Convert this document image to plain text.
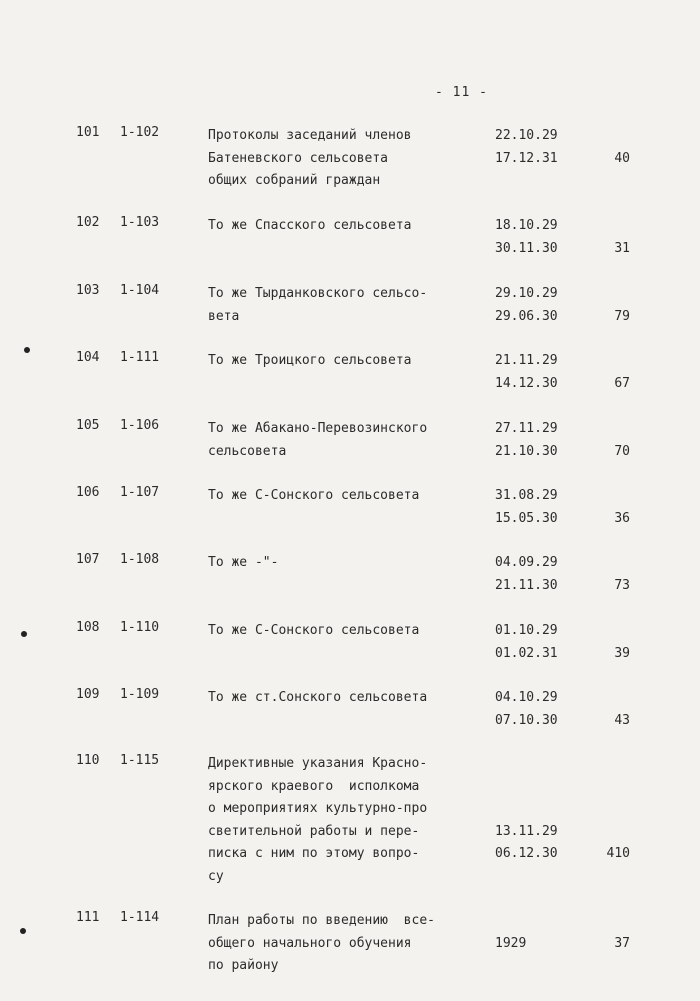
- 11 -
101 1-102	Протоколы заседаний членов
Батеневского сельсовета
общих собраний граждан
22.10.29
17.12.31	40
102 1-103	То же Спасского сельсовета	18.10.29
30.11.30	31
103 1-104	То же Тырданковского сельсо-
вета
29.10.29
29.06.30	79
104 1-111	То же Троицкого сельсовета	21.11.29
14.12.30	67
105 1-106	То же Абакано-Перевозинского
сельсовета
27.11.29
21.10.30	70
106 1-107	То же С-Сонского сельсовета	31.08.29
15.05.30	36
107 1-108	То же -"-	04.09.29
21.11.30	73
108 1-110	То же С-Сонского сельсовета	01.10.29
01.02.31	39
109 1-109	То же ст.Сонского сельсовета	04.10.29
07.10.30	43
110 1-115	Директивные указания Красно-
ярского краевого  исполкома
о мероприятиях культурно-про
светительной работы и пере-
писка с ним по этому вопро-
су
13.11.29
06.12.30	410
111 1-114	План работы по введению  все-
общего начального обучения
по району
1929	37
